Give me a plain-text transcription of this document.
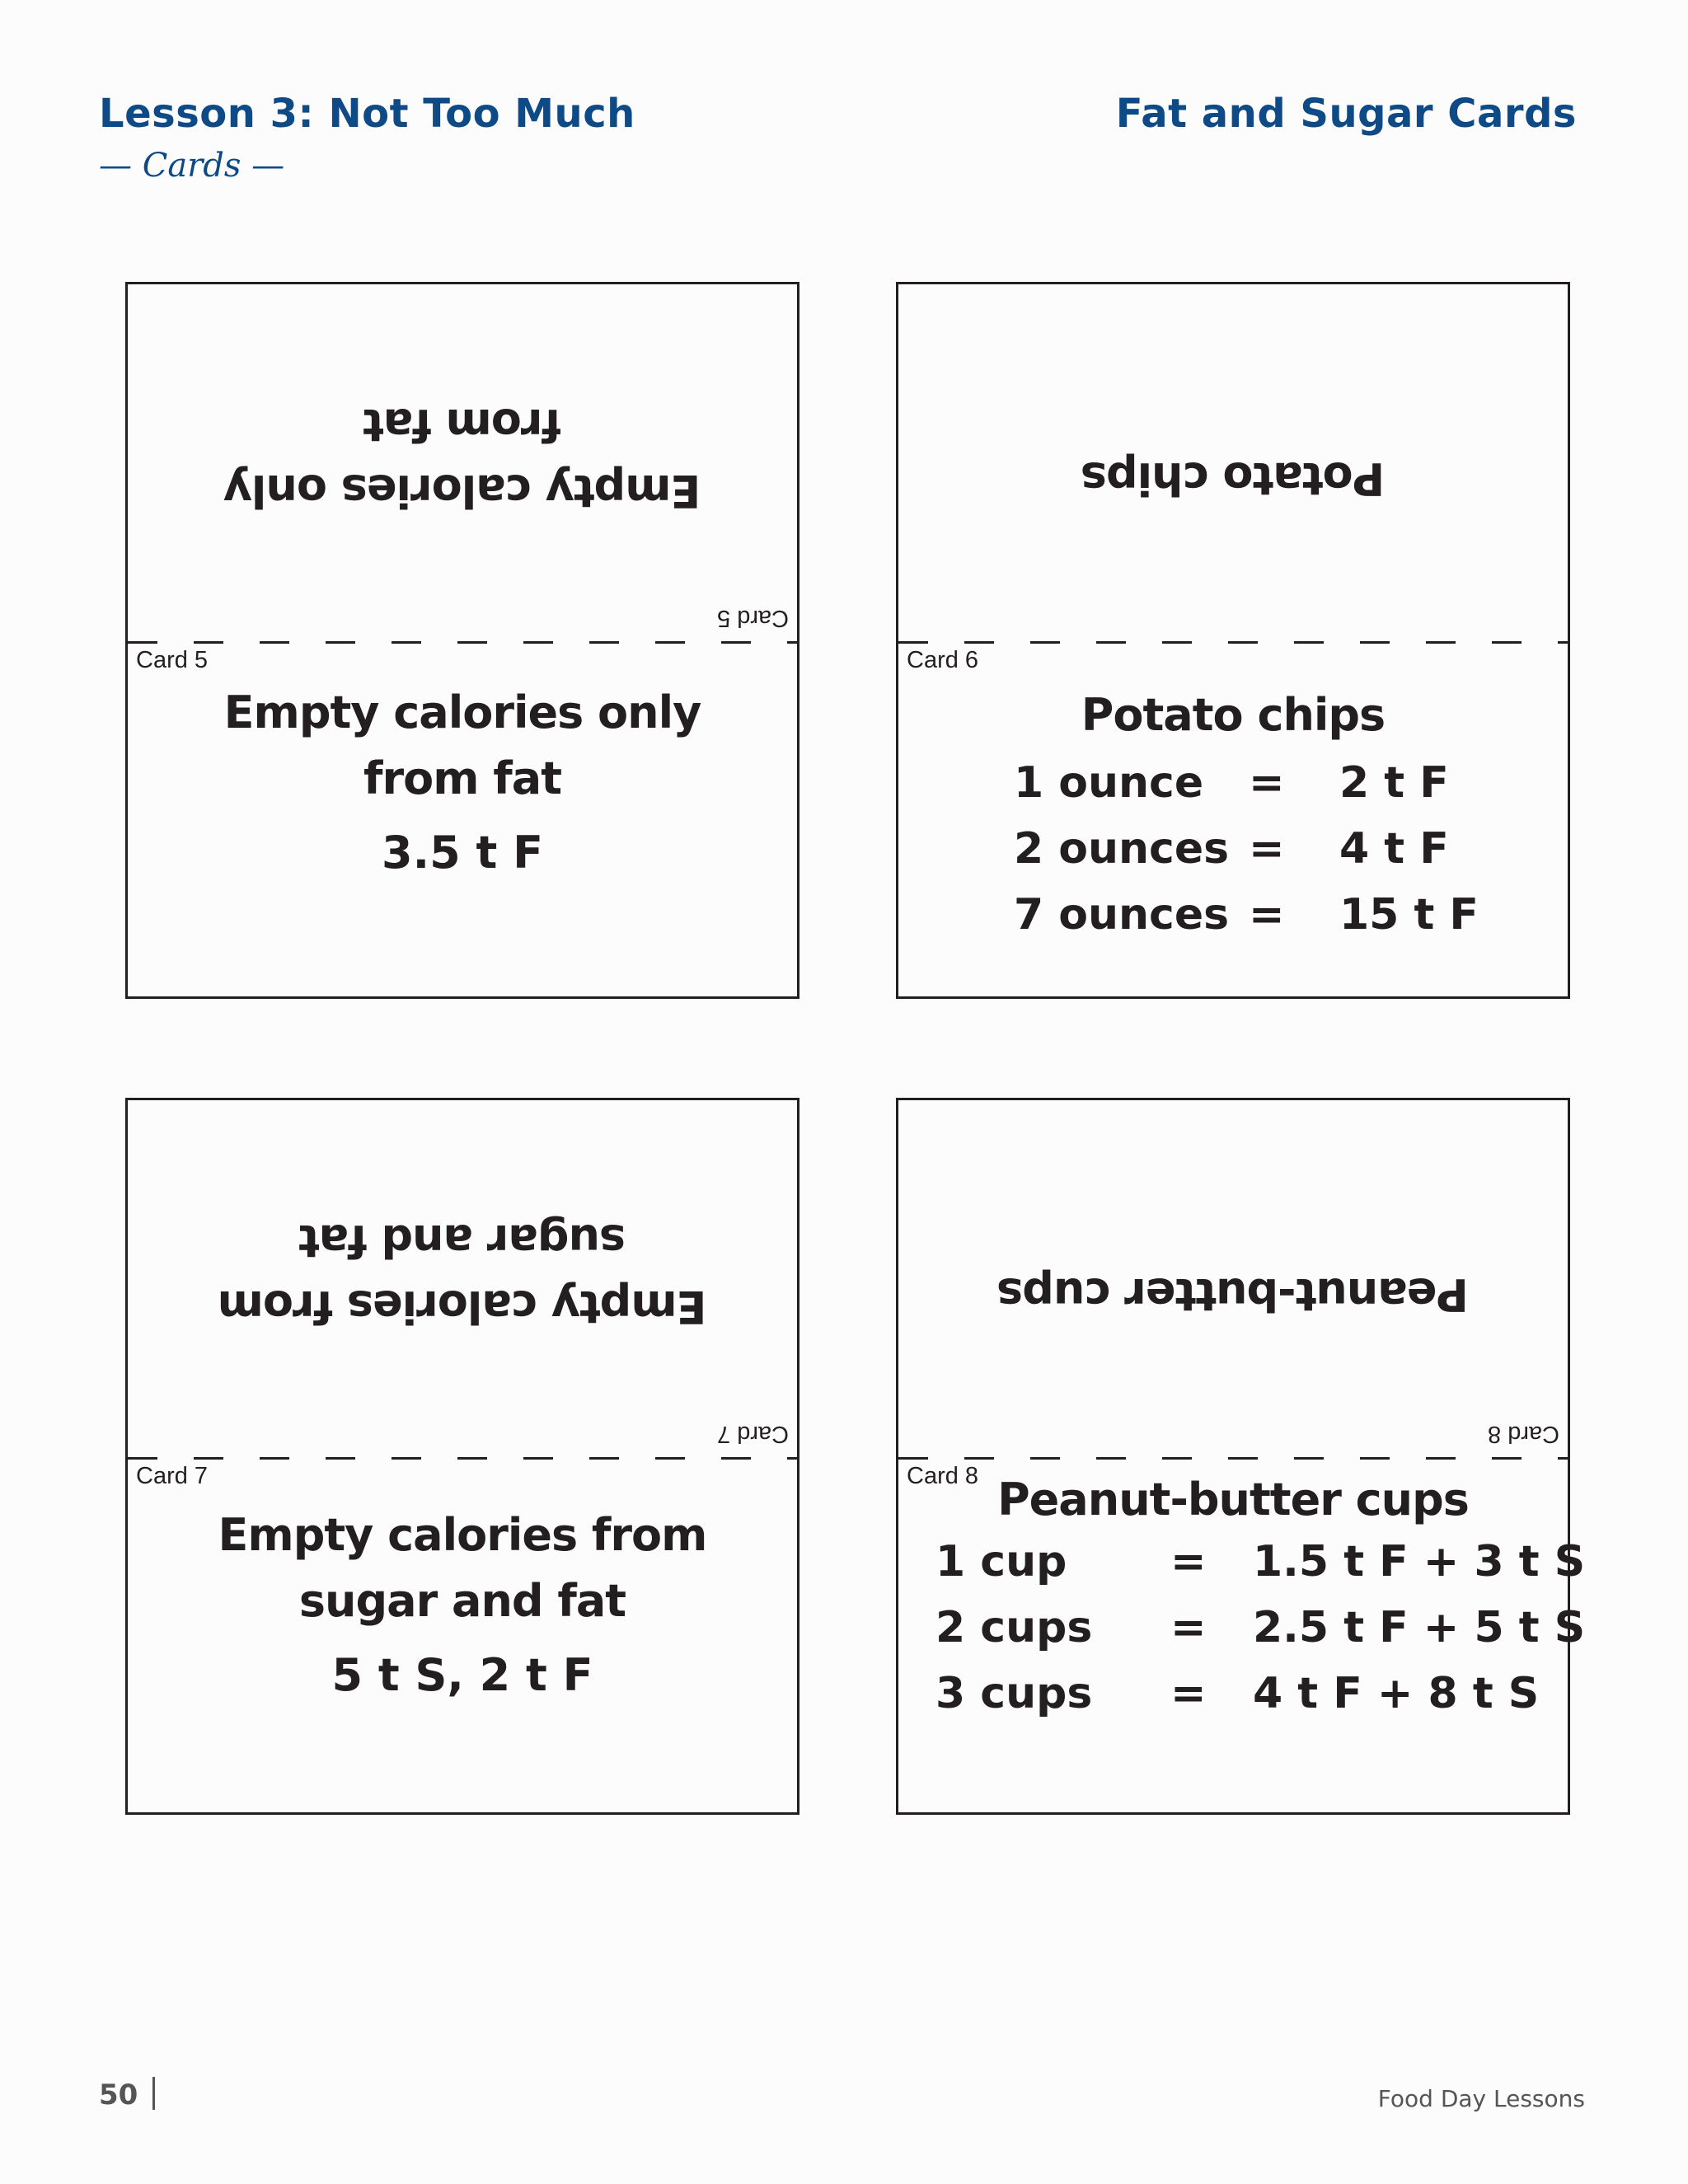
Lesson 3: Not Too Much	Fat and Sugar Cards
— Cards —
Empty calories only
from fat
Card 5
Card 5
Empty calories only
from fat
3.5 t F
Potato chips
Card 6
Potato chips
1 ounce = 2 t F
2 ounces = 4 t F
7 ounces = 15 t F
Empty calories from
sugar and fat
Card 7
Card 7
Empty calories from
sugar and fat
5 t S, 2 t F
Peanut-butter cups
Card 8
Card 8 Peanut-butter cups
1 cup = 1.5 t F + 3 t S
2 cups = 2.5 t F + 5 t S
3 cups = 4 t F + 8 t S
50	Food Day Lessons
